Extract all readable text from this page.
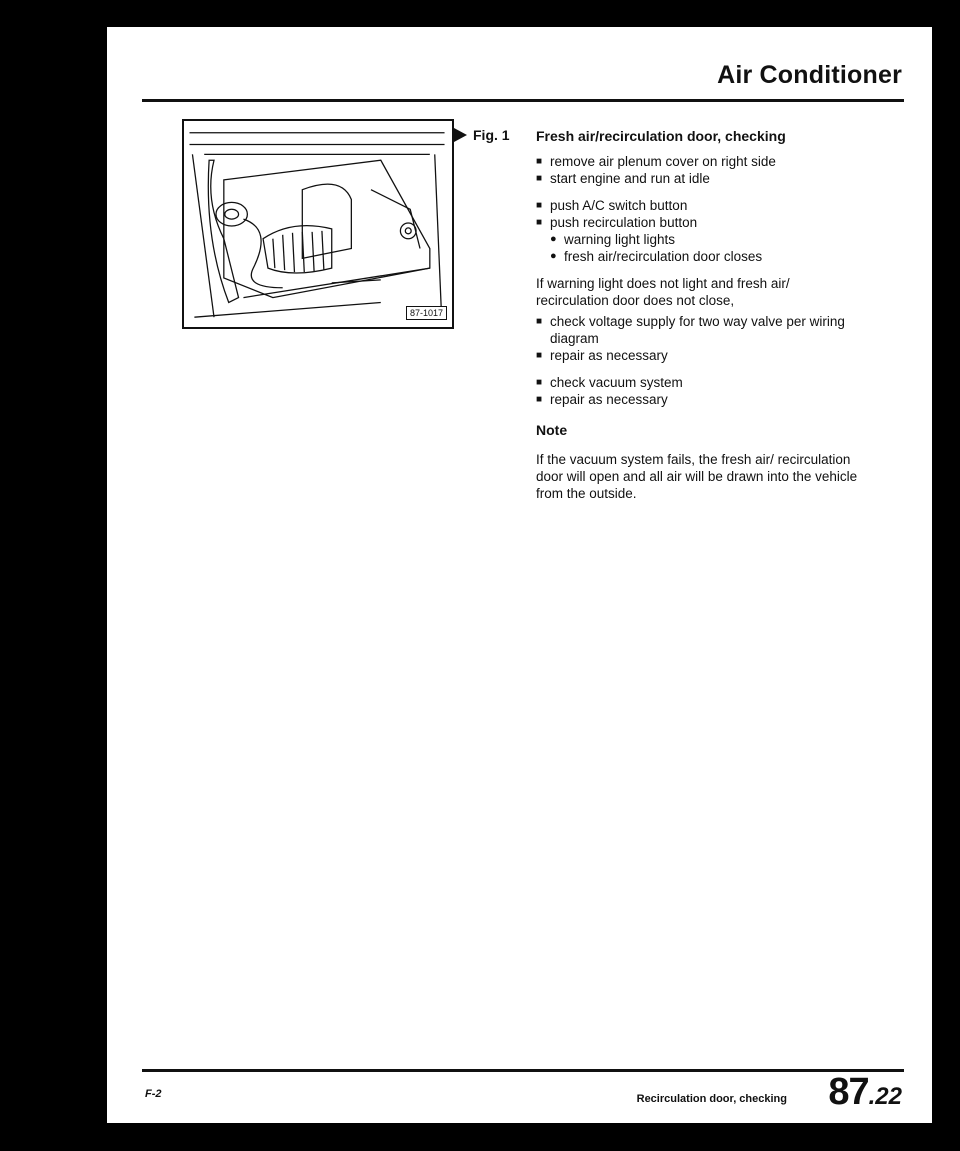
Air Conditioner
87-1017
Fig. 1 Fresh air/recirculation door, checking
■ remove air plenum cover on right side
■ start engine and run at idle
■ push A/C switch button
■ push recirculation button
● warning light lights
● fresh air/recirculation door closes
If warning light does not light and fresh air/ recirculation door does not close,
■ check voltage supply for two way valve per wiring diagram
■ repair as necessary
■ check vacuum system
■ repair as necessary
Note
If the vacuum system fails, the fresh air/ recirculation door will open and all air will be drawn into the vehicle from the outside.
F-2	Recirculation door, checking 87.22
